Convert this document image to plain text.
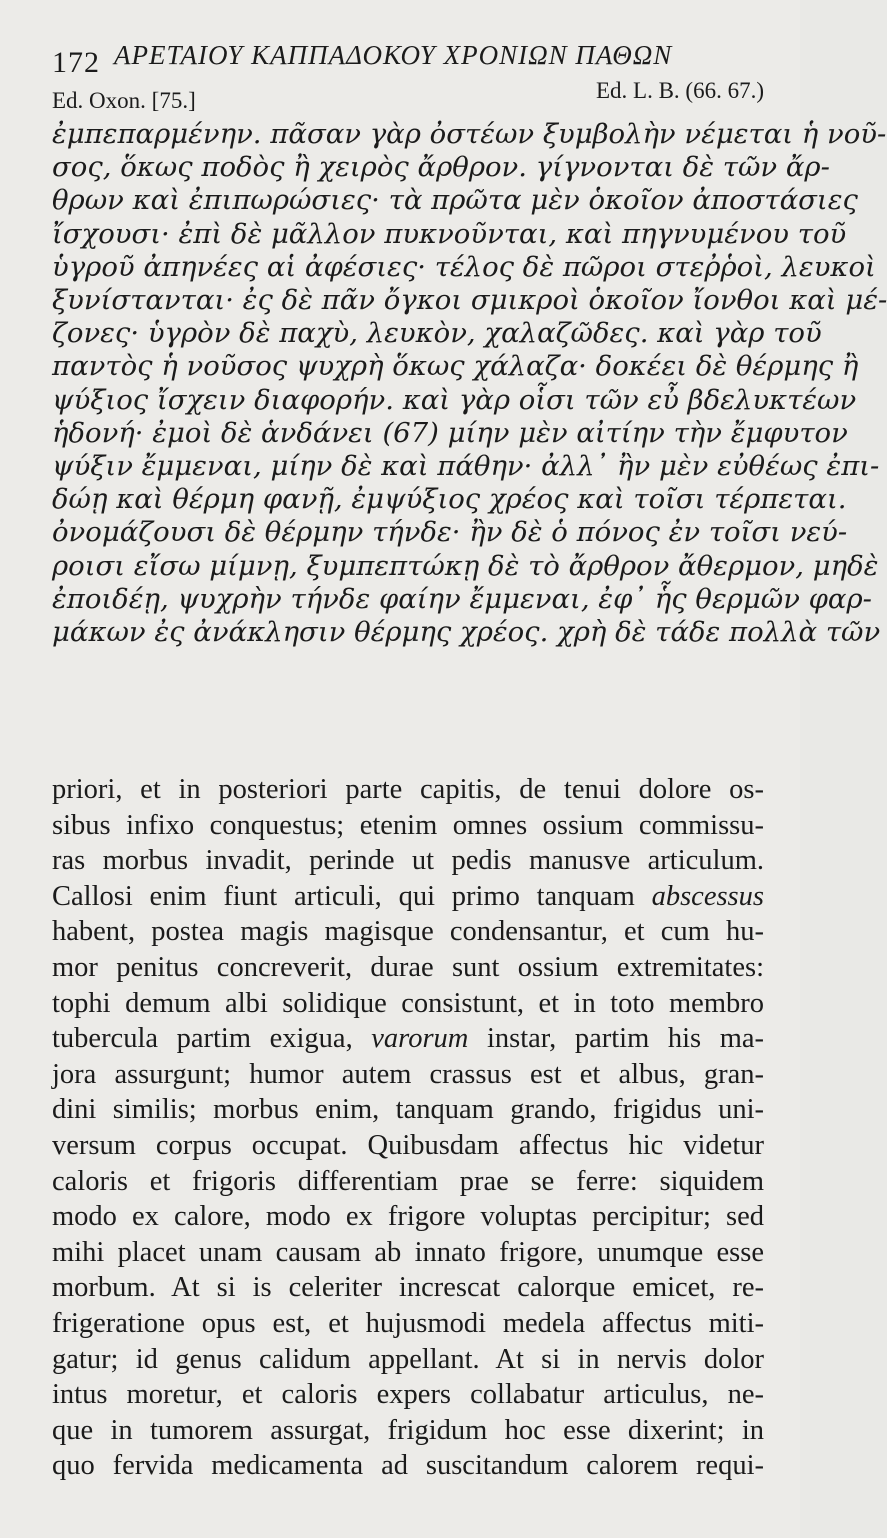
172 ΑΡΕΤΑΙΟΥ ΚΑΠΠΑΔΟΚΟΥ ΧΡΟΝΙΩΝ ΠΑΘΩΝ
Ed. Oxon. [75.]	Ed. L. B. (66. 67.)
ἐμπεπαρμένην. πᾶσαν γὰρ ὀστέων ξυμβολὴν νέμεται ἡ νοῦ-
σος, ὅκως ποδὸς ἢ χειρὸς ἄρθρον. γίγνονται δὲ τῶν ἄρ-
θρων καὶ ἐπιπωρώσιες· τὰ πρῶτα μὲν ὁκοῖον ἀποστάσιες
ἴσχουσι· ἐπὶ δὲ μᾶλλον πυκνοῦνται, καὶ πηγνυμένου τοῦ
ὑγροῦ ἀπηνέες αἱ ἀφέσιες· τέλος δὲ πῶροι στεῤῥοὶ, λευκοὶ
ξυνίστανται· ἐς δὲ πᾶν ὄγκοι σμικροὶ ὁκοῖον ἴονθοι καὶ μέ-
ζονες· ὑγρὸν δὲ παχὺ, λευκὸν, χαλαζῶδες. καὶ γὰρ τοῦ
παντὸς ἡ νοῦσος ψυχρὴ ὅκως χάλαζα· δοκέει δὲ θέρμης ἢ
ψύξιος ἴσχειν διαφορήν. καὶ γὰρ οἷσι τῶν εὖ βδελυκτέων
ἡδονή· ἐμοὶ δὲ ἁνδάνει (67) μίην μὲν αἰτίην τὴν ἔμφυτον
ψύξιν ἔμμεναι, μίην δὲ καὶ πάθην· ἀλλ᾽ ἢν μὲν εὐθέως ἐπι-
δώῃ καὶ θέρμη φανῇ, ἐμψύξιος χρέος καὶ τοῖσι τέρπεται.
ὀνομάζουσι δὲ θέρμην τήνδε· ἢν δὲ ὁ πόνος ἐν τοῖσι νεύ-
ροισι εἴσω μίμνῃ, ξυμπεπτώκῃ δὲ τὸ ἄρθρον ἄθερμον, μηδὲ
ἐποιδέῃ, ψυχρὴν τήνδε φαίην ἔμμεναι, ἐφ᾽ ἧς θερμῶν φαρ-
μάκων ἐς ἀνάκλησιν θέρμης χρέος. χρὴ δὲ τάδε πολλὰ τῶν
priori, et in posteriori parte capitis, de tenui dolore os-
sibus infixo conquestus; etenim omnes ossium commissu-
ras morbus invadit, perinde ut pedis manusve articulum.
Callosi enim fiunt articuli, qui primo tanquam abscessus
habent, postea magis magisque condensantur, et cum hu-
mor penitus concreverit, durae sunt ossium extremitates:
tophi demum albi solidique consistunt, et in toto membro
tubercula partim exigua, varorum instar, partim his ma-
jora assurgunt; humor autem crassus est et albus, gran-
dini similis; morbus enim, tanquam grando, frigidus uni-
versum corpus occupat. Quibusdam affectus hic videtur
caloris et frigoris differentiam prae se ferre: siquidem
modo ex calore, modo ex frigore voluptas percipitur; sed
mihi placet unam causam ab innato frigore, unumque esse
morbum. At si is celeriter increscat calorque emicet, re-
frigeratione opus est, et hujusmodi medela affectus miti-
gatur; id genus calidum appellant. At si in nervis dolor
intus moretur, et caloris expers collabatur articulus, ne-
que in tumorem assurgat, frigidum hoc esse dixerint; in
quo fervida medicamenta ad suscitandum calorem requi-
